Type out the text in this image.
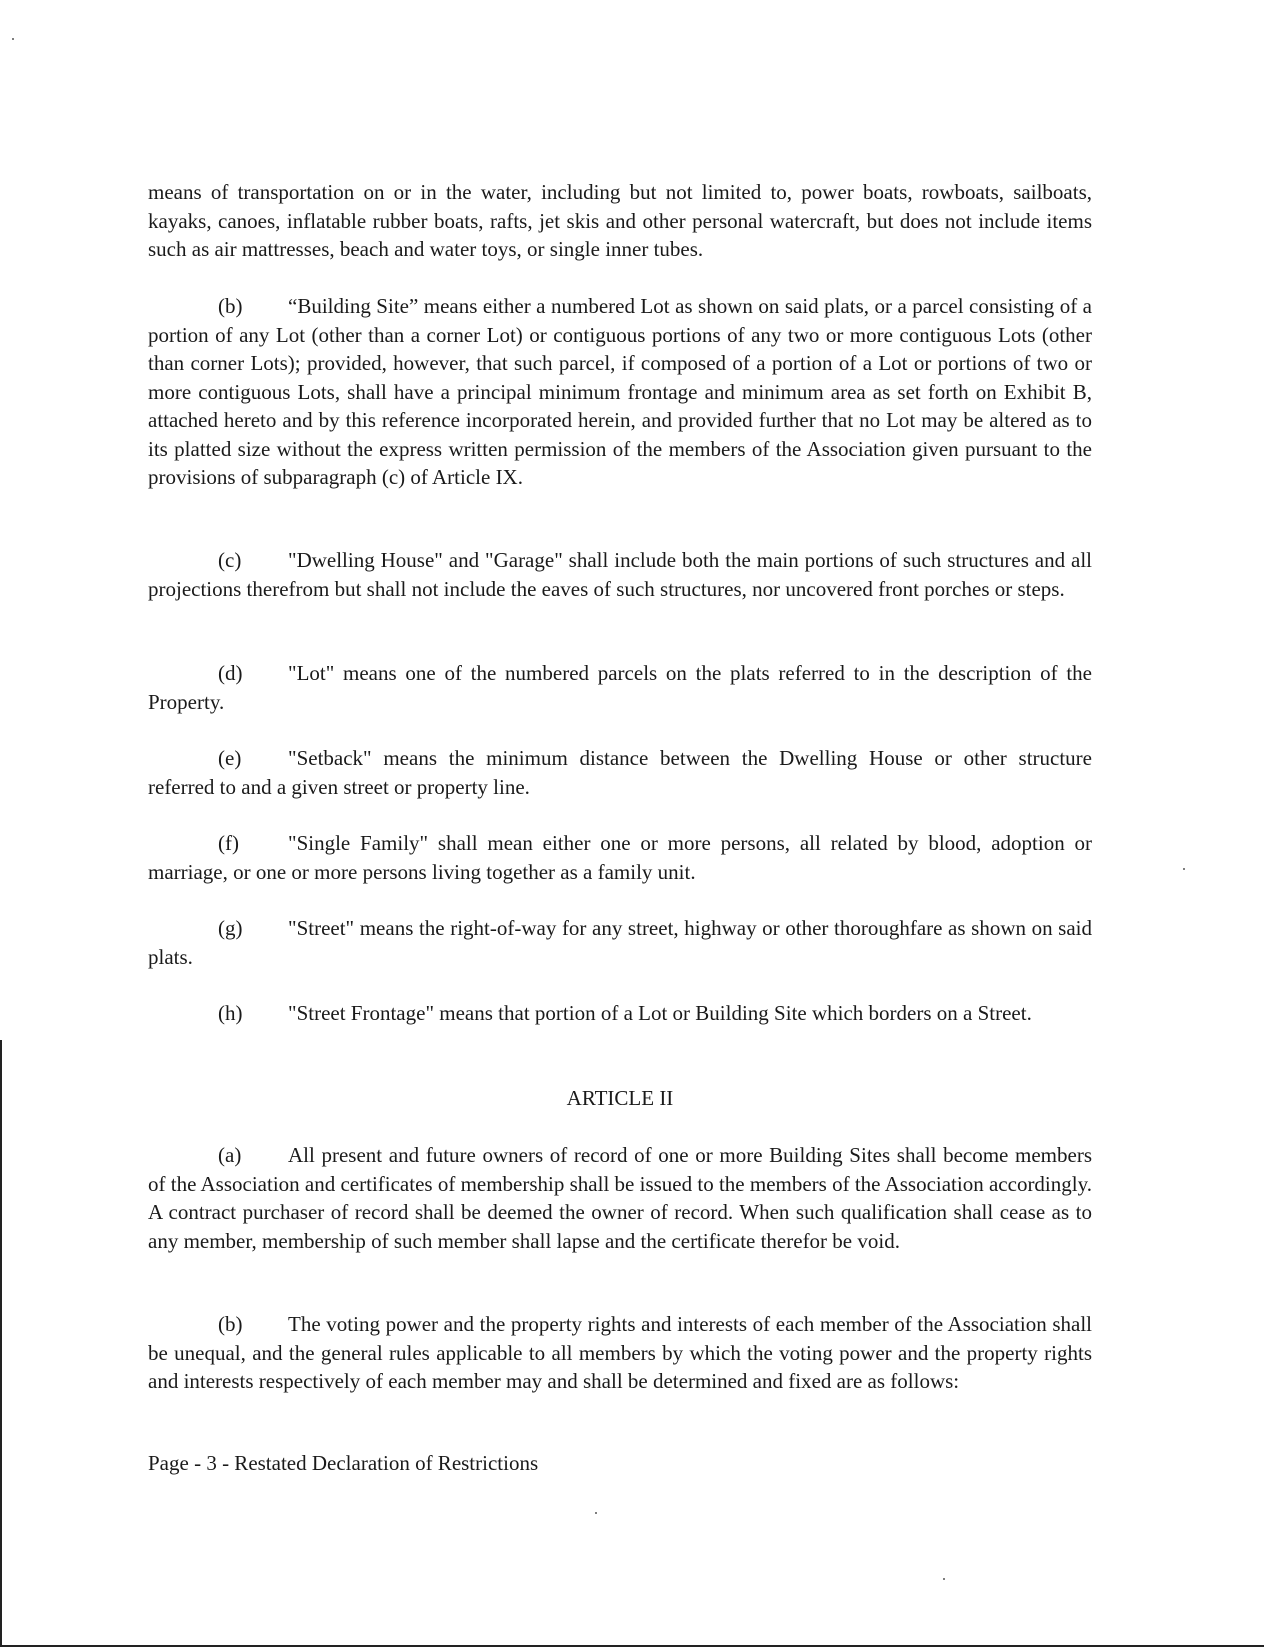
means of transportation on or in the water, including but not limited to, power boats, rowboats, sailboats, kayaks, canoes, inflatable rubber boats, rafts, jet skis and other personal watercraft, but does not include items such as air mattresses, beach and water toys, or single inner tubes.
(b) “Building Site” means either a numbered Lot as shown on said plats, or a parcel consisting of a portion of any Lot (other than a corner Lot) or contiguous portions of any two or more contiguous Lots (other than corner Lots); provided, however, that such parcel, if composed of a portion of a Lot or portions of two or more contiguous Lots, shall have a principal minimum frontage and minimum area as set forth on Exhibit B, attached hereto and by this reference incorporated herein, and provided further that no Lot may be altered as to its platted size without the express written permission of the members of the Association given pursuant to the provisions of subparagraph (c) of Article IX.
(c) "Dwelling House" and "Garage" shall include both the main portions of such structures and all projections therefrom but shall not include the eaves of such structures, nor uncovered front porches or steps.
(d) "Lot" means one of the numbered parcels on the plats referred to in the description of the Property.
(e) "Setback" means the minimum distance between the Dwelling House or other structure referred to and a given street or property line.
(f) "Single Family" shall mean either one or more persons, all related by blood, adoption or marriage, or one or more persons living together as a family unit.
(g) "Street" means the right-of-way for any street, highway or other thoroughfare as shown on said plats.
(h) "Street Frontage" means that portion of a Lot or Building Site which borders on a Street.
ARTICLE II
(a) All present and future owners of record of one or more Building Sites shall become members of the Association and certificates of membership shall be issued to the members of the Association accordingly. A contract purchaser of record shall be deemed the owner of record. When such qualification shall cease as to any member, membership of such member shall lapse and the certificate therefor be void.
(b) The voting power and the property rights and interests of each member of the Association shall be unequal, and the general rules applicable to all members by which the voting power and the property rights and interests respectively of each member may and shall be determined and fixed are as follows:
Page - 3 - Restated Declaration of Restrictions
